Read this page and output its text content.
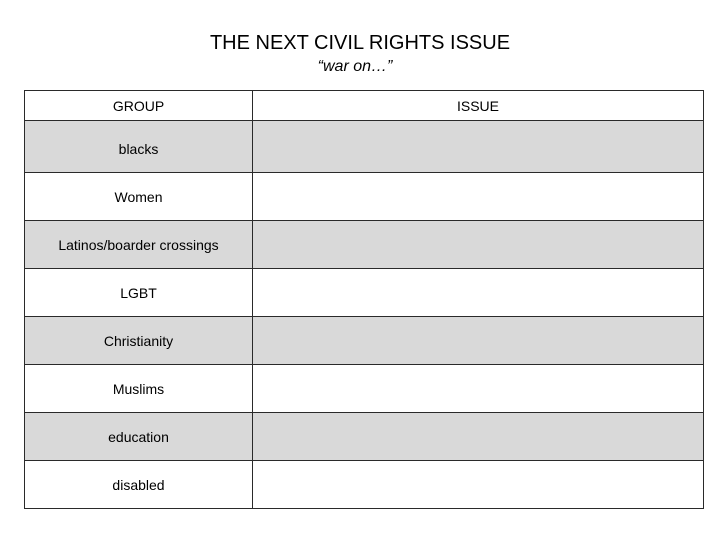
THE NEXT CIVIL RIGHTS ISSUE
“war on…”
GROUP	ISSUE
blacks	
Women	
Latinos/boarder crossings	
LGBT	
Christianity	
Muslims	
education	
disabled	
